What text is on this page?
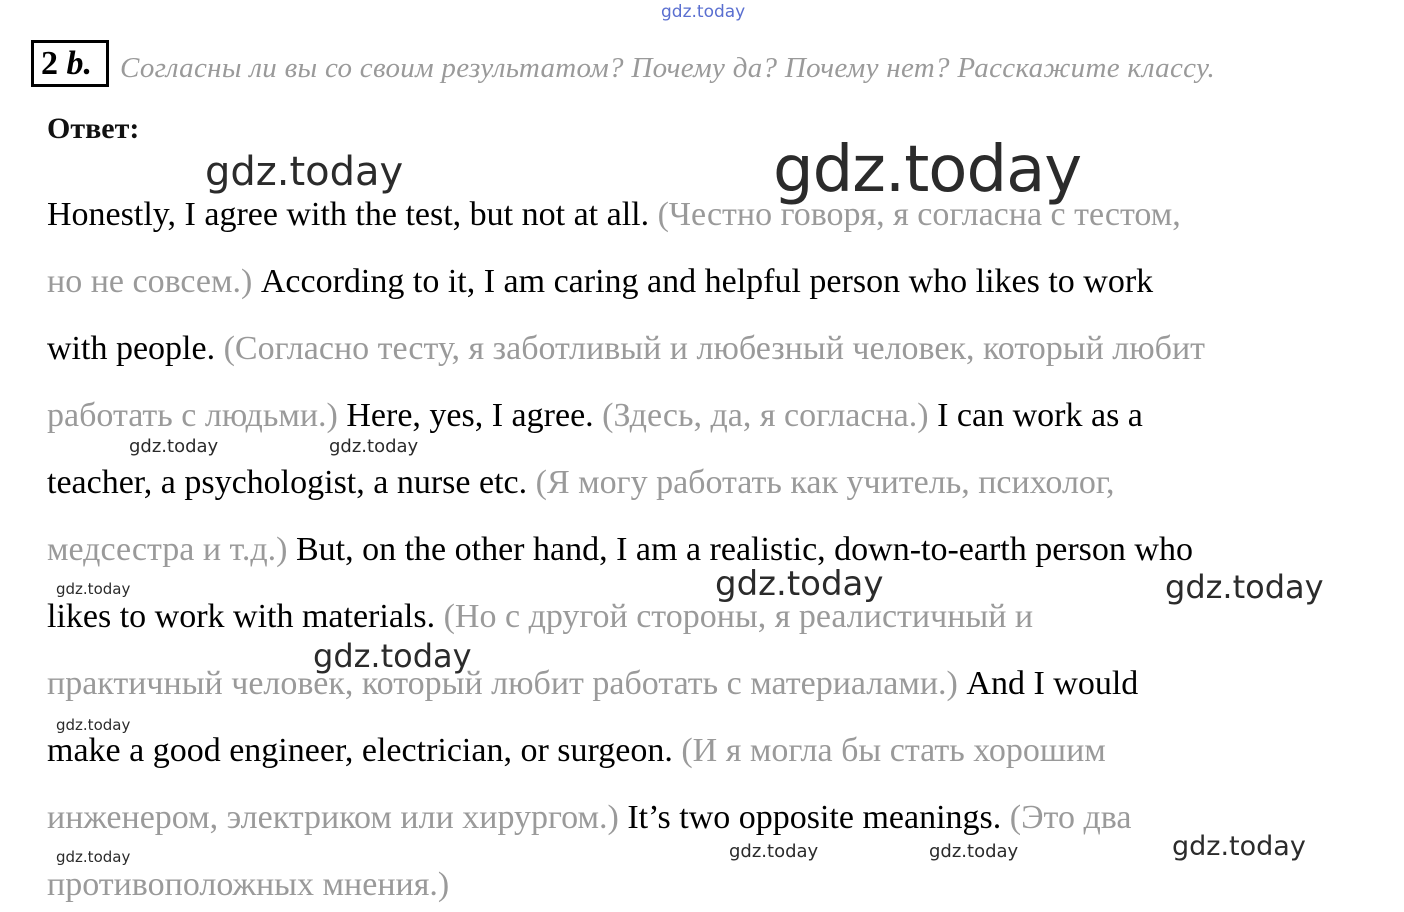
gdz.today
gdz.today	gdz.today
gdz.today	gdz.today
gdz.today	gdz.today	gdz.today
gdz.today
gdz.today
gdz.today	gdz.today	gdz.today
gdz.today
2 b. Согласны ли вы со своим результатом? Почему да? Почему нет? Расскажите классу.
Ответ:
Honestly, I agree with the test, but not at all. (Честно говоря, я согласна с тестом,
но не совсем.) According to it, I am caring and helpful person who likes to work
with people. (Согласно тесту, я заботливый и любезный человек, который любит
работать с людьми.) Here, yes, I agree. (Здесь, да, я согласна.) I can work as a
teacher, a psychologist, a nurse etc. (Я могу работать как учитель, психолог,
медсестра и т.д.) But, on the other hand, I am a realistic, down-to-earth person who
likes to work with materials. (Но с другой стороны, я реалистичный и
практичный человек, который любит работать с материалами.) And I would
make a good engineer, electrician, or surgeon. (И я могла бы стать хорошим
инженером, электриком или хирургом.) It’s two opposite meanings. (Это два
противоположных мнения.)
